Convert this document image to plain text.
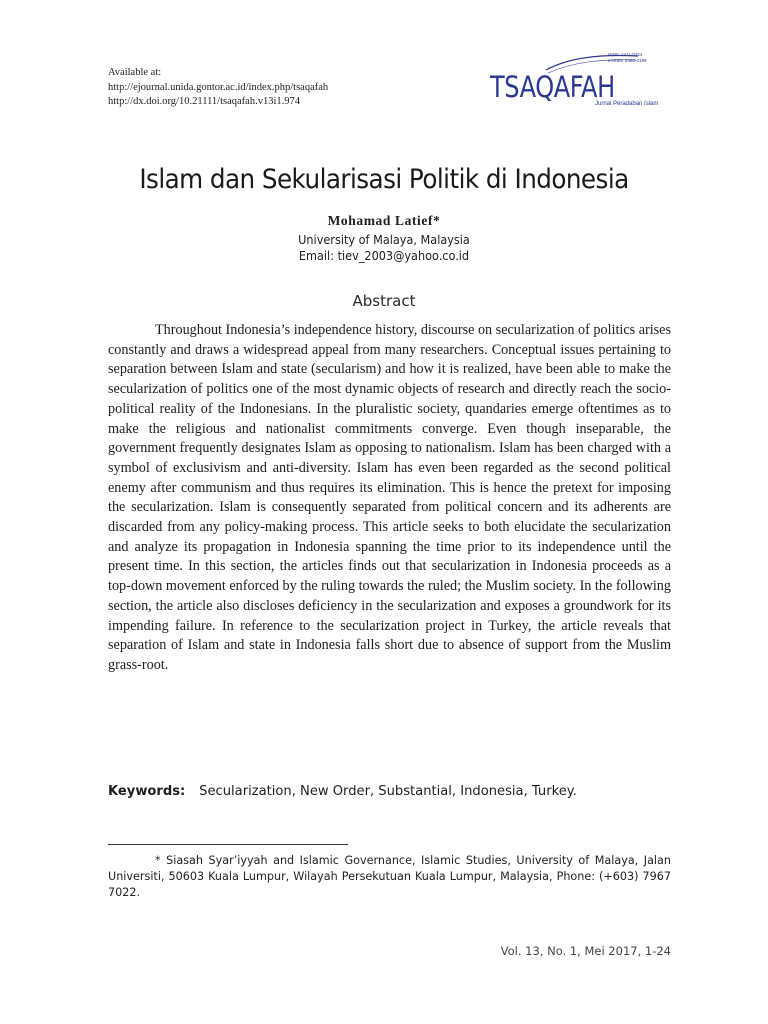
Available at:
http://ejournal.unida.gontor.ac.id/index.php/tsaqafah
http://dx.doi.org/10.21111/tsaqafah.v13i1.974
ISSN: 1411-0334
e-ISSN: 2460-0199
TSAQAFAH
Jurnal Peradaban Islam
Islam dan Sekularisasi Politik di Indonesia
Mohamad Latief*
University of Malaya, Malaysia
Email: tiev_2003@yahoo.co.id
Abstract

Throughout Indonesia’s independence history, discourse on secularization of politics arises constantly and draws a widespread appeal from many researchers. Conceptual issues pertaining to separation between Islam and state (secularism) and how it is realized, have been able to make the secularization of politics one of the most dynamic objects of research and directly reach the socio-political reality of the Indonesians. In the pluralistic society, quandaries emerge oftentimes as to make the religious and nationalist commitments converge. Even though inseparable, the government frequently designates Islam as opposing to nationalism. Islam has been charged with a symbol of exclusivism and anti-diversity. Islam has even been regarded as the second political enemy after communism and thus requires its elimination. This is hence the pretext for imposing the secularization. Islam is consequently separated from political concern and its adherents are discarded from any policy-making process. This article seeks to both elucidate the secularization and analyze its propagation in Indonesia spanning the time prior to its independence until the present time. In this section, the articles finds out that secularization in Indonesia proceeds as a top-down movement enforced by the ruling towards the ruled; the Muslim society. In the following section, the article also discloses deficiency in the secularization and exposes a groundwork for its impending failure. In reference to the secularization project in Turkey, the article reveals that separation of Islam and state in Indonesia falls short due to absence of support from the Muslim grass-root.

Keywords: Secularization, New Order, Substantial, Indonesia, Turkey.

* Siasah Syar’iyyah and Islamic Governance, Islamic Studies, University of Malaya, Jalan Universiti, 50603 Kuala Lumpur, Wilayah Persekutuan Kuala Lumpur, Malaysia, Phone: (+603) 7967 7022.

Vol. 13, No. 1, Mei 2017, 1-24
